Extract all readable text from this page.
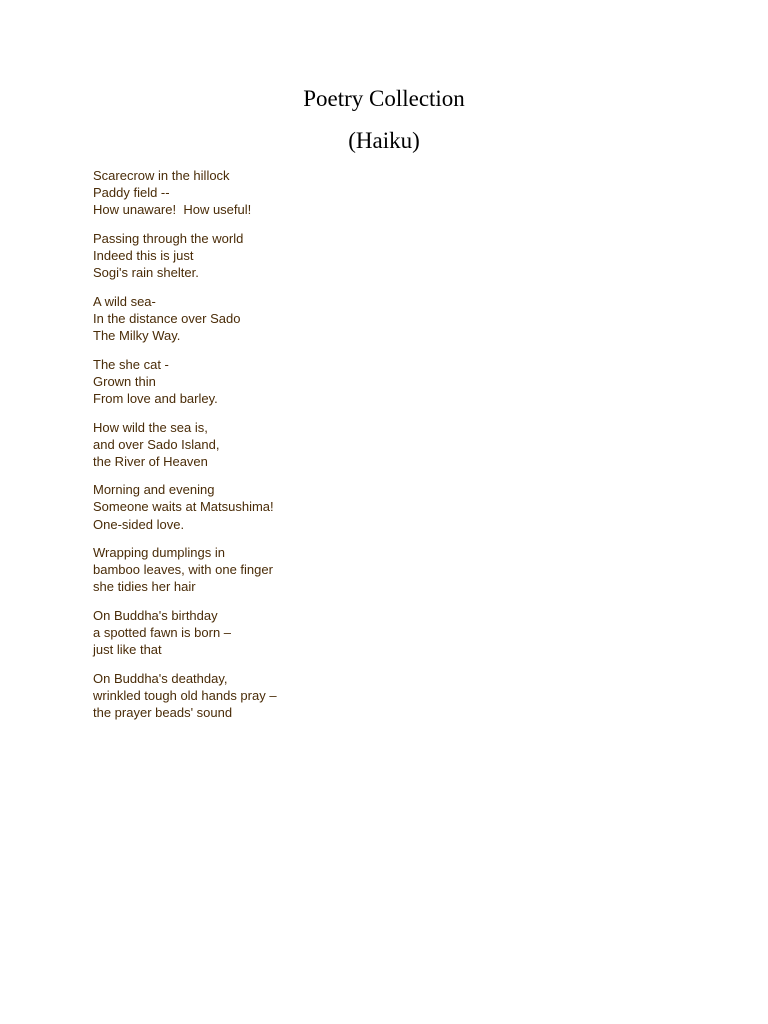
Poetry Collection
(Haiku)
Scarecrow in the hillock
Paddy field --
How unaware!  How useful!
Passing through the world
Indeed this is just
Sogi's rain shelter.
A wild sea-
In the distance over Sado
The Milky Way.
The she cat -
Grown thin
From love and barley.
How wild the sea is,
and over Sado Island,
the River of Heaven
Morning and evening
Someone waits at Matsushima!
One-sided love.
Wrapping dumplings in
bamboo leaves, with one finger
she tidies her hair
On Buddha's birthday
a spotted fawn is born –
just like that
On Buddha's deathday,
wrinkled tough old hands pray –
the prayer beads' sound
